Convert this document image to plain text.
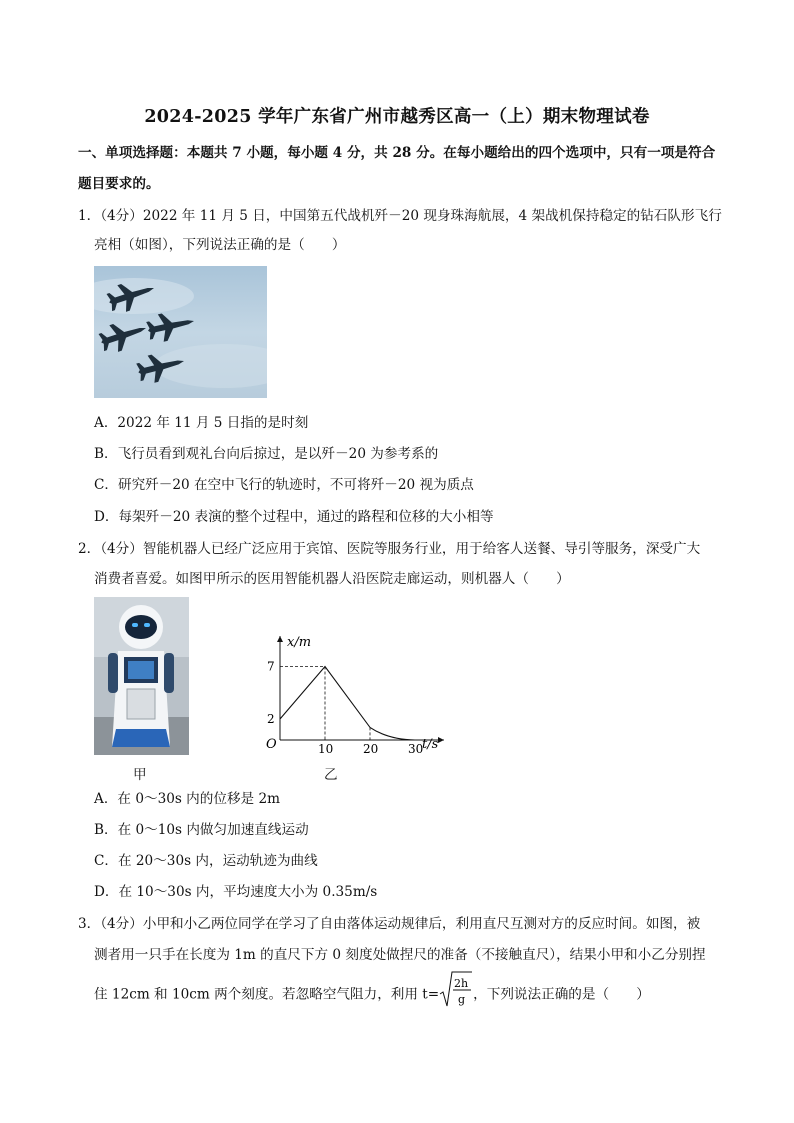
2024-2025 学年广东省广州市越秀区高一（上）期末物理试卷
一、单项选择题：本题共 7 小题，每小题 4 分，共 28 分。在每小题给出的四个选项中，只有一项是符合
题目要求的。
1．（4分）2022 年 11 月 5 日，中国第五代战机歼－20 现身珠海航展，4 架战机保持稳定的钻石队形飞行
亮相（如图），下列说法正确的是（　　）
A．2022 年 11 月 5 日指的是时刻
B．飞行员看到观礼台向后掠过，是以歼－20 为参考系的
C．研究歼－20 在空中飞行的轨迹时，不可将歼－20 视为质点
D．每架歼－20 表演的整个过程中，通过的路程和位移的大小相等
2．（4分）智能机器人已经广泛应用于宾馆、医院等服务行业，用于给客人送餐、导引等服务，深受广大
消费者喜爱。如图甲所示的医用智能机器人沿医院走廊运动，则机器人（　　）
甲
x/m
t/s
O	10 20 30
2
7
乙
A．在 0～30s 内的位移是 2m
B．在 0～10s 内做匀加速直线运动
C．在 20～30s 内，运动轨迹为曲线
D．在 10～30s 内，平均速度大小为 0.35m/s
3．（4分）小甲和小乙两位同学在学习了自由落体运动规律后，利用直尺互测对方的反应时间。如图，被
测者用一只手在长度为 1m 的直尺下方 0 刻度处做捏尺的准备（不接触直尺），结果小甲和小乙分别捏
住 12cm 和 10cm 两个刻度。若忽略空气阻力，利用 t=
2h
g ，下列说法正确的是（　　）
